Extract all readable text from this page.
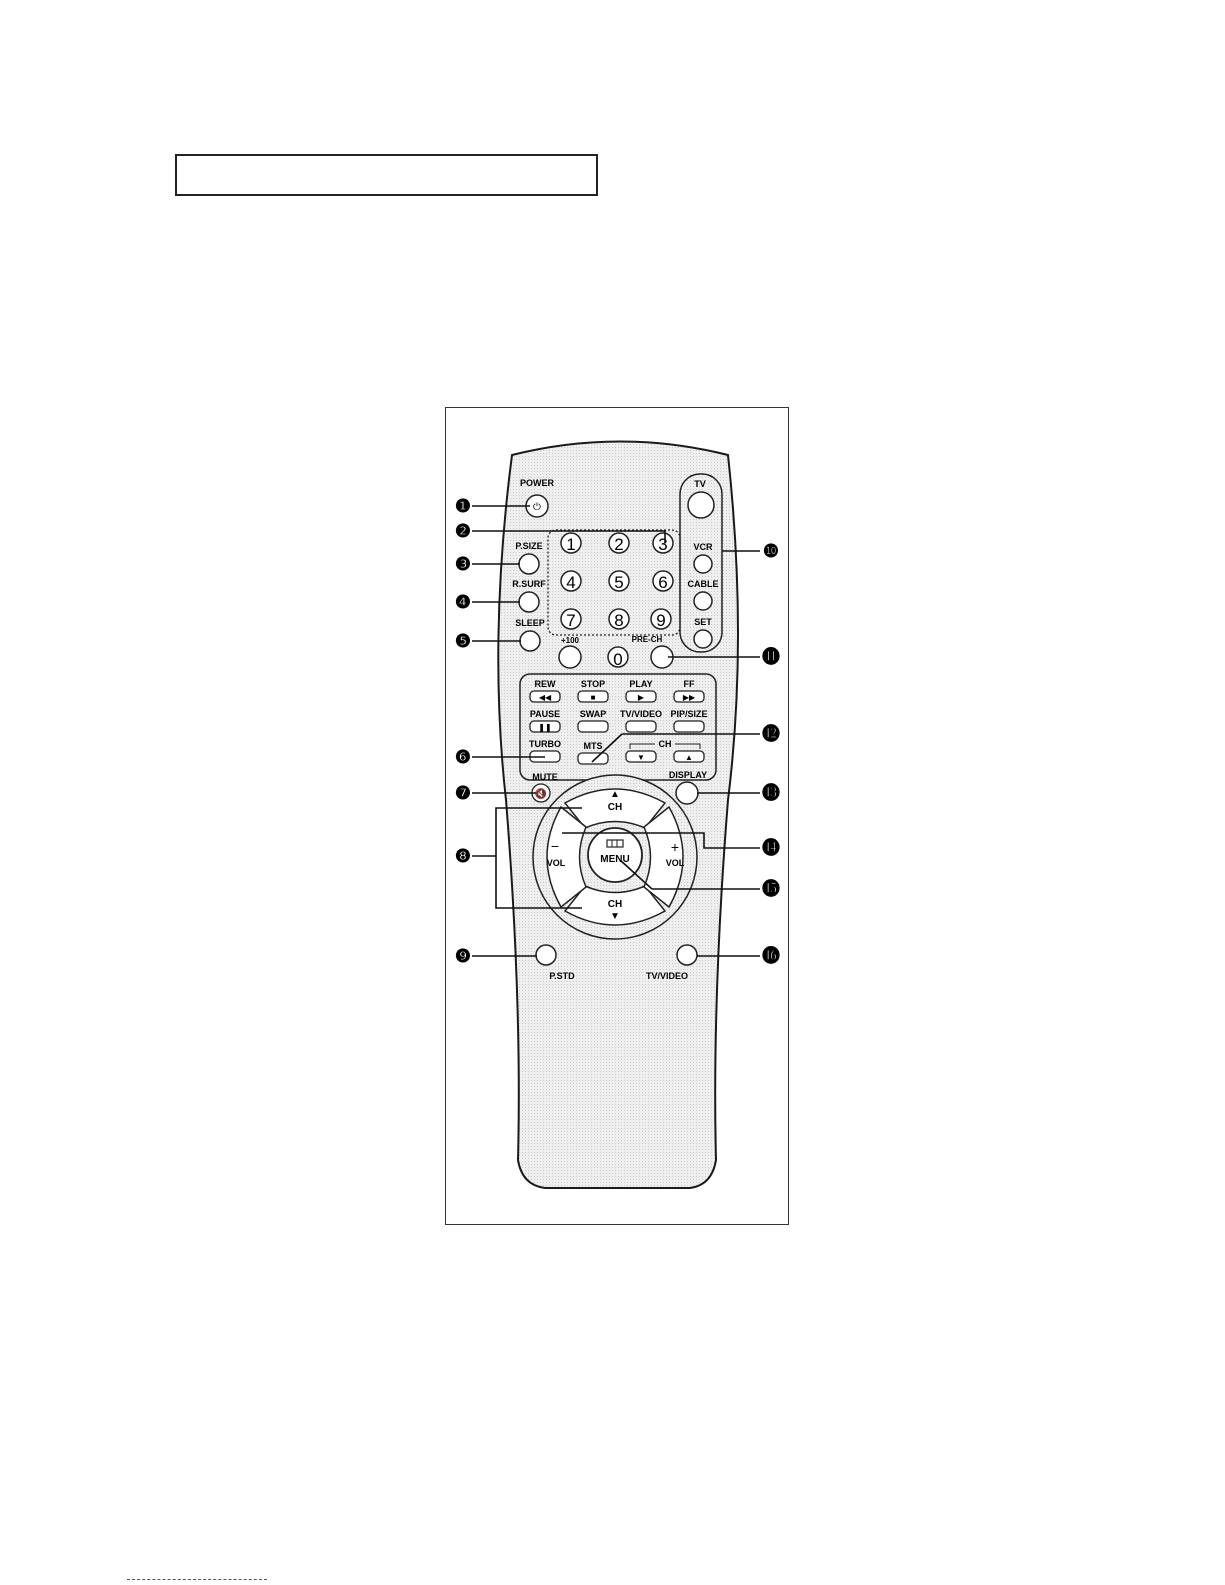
POWER
⏻
P.SIZE
R.SURF
SLEEP
1 2 3
4 5 6
7 8 9
+100
0
PRE-CH
TV
VCR
CABLE
SET
REW
◀◀
STOP
■
PLAY
▶
FF
▶▶
PAUSE
❚❚
SWAP TV/VIDEO PIP/SIZE
TURBO	MTS	CH
▼	▲
MUTE
🔇
DISPLAY
▲
CH
CH
▼
−
VOL
+
VOL
MENU
P.STD	TV/VIDEO
❶
❷
❸
❹
❺
❻
❼
❽
❾
❿
⓫
⓬
⓭
⓮
⓯
⓰
